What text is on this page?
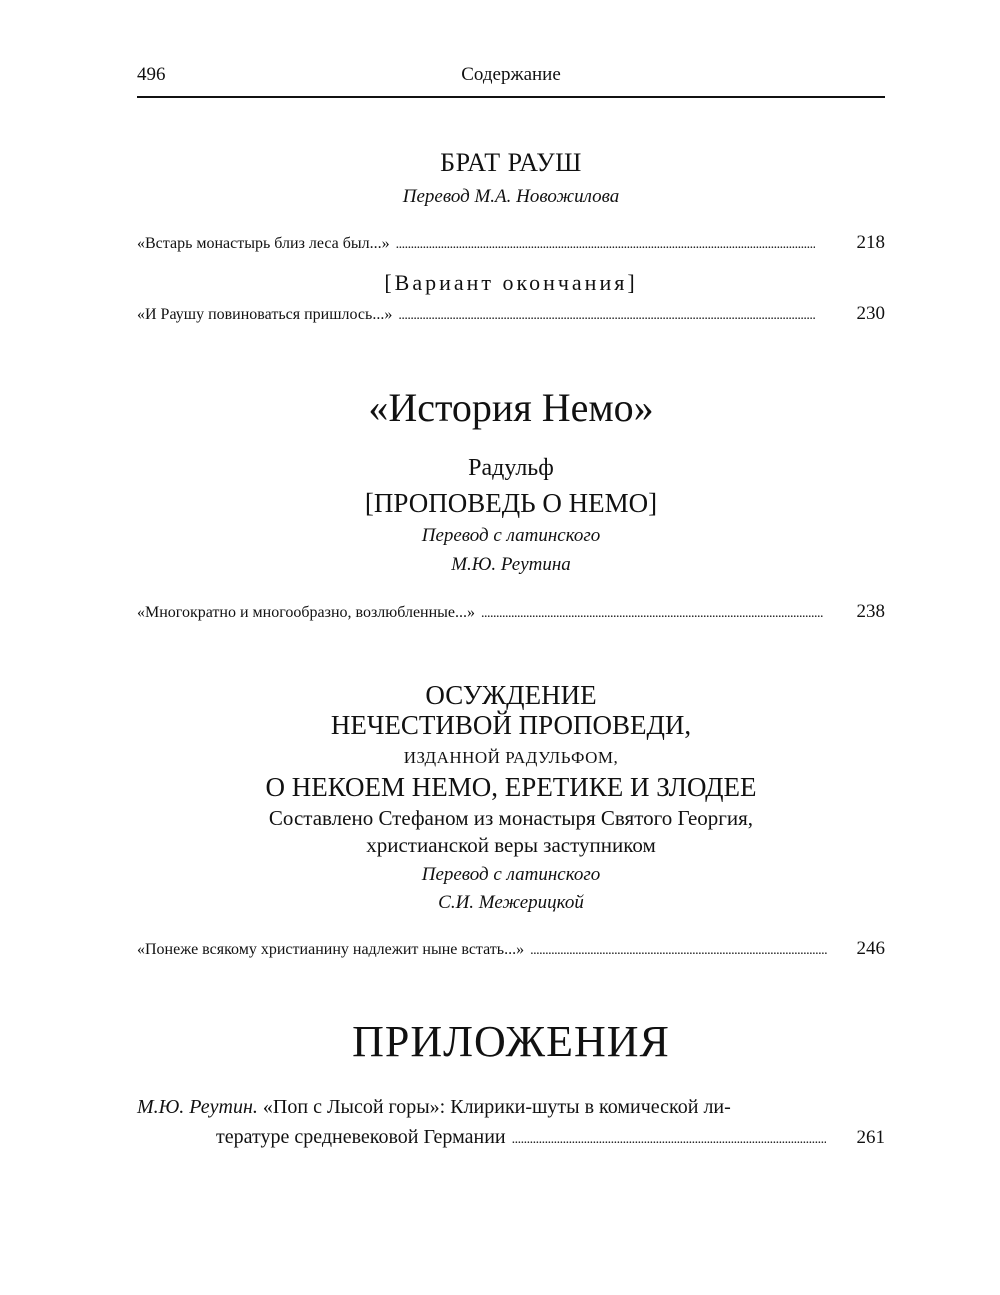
496	Содержание
БРАТ РАУШ
Перевод М.А. Новожилова
«Встарь монастырь близ леса был...» . . .	218
[Вариант окончания]
«И Раушу повиноваться пришлось...» . . .	230
«История Немо»
Радульф
[ПРОПОВЕДЬ О НЕМО]
Перевод с латинского
М.Ю. Реутина
«Многократно и многообразно, возлюбленные...» . . .	238
ОСУЖДЕНИЕ
НЕЧЕСТИВОЙ ПРОПОВЕДИ,
ИЗДАННОЙ РАДУЛЬФОМ,
О НЕКОЕМ НЕМО, ЕРЕТИКЕ И ЗЛОДЕЕ
Составлено Стефаном из монастыря Святого Георгия,
христианской веры заступником
Перевод с латинского
С.И. Межерицкой
«Понеже всякому христианину надлежит ныне встать...» . . .	246
ПРИЛОЖЕНИЯ
М.Ю. Реутин. «Поп с Лысой горы»: Клирики-шуты в комической ли-
тературе средневековой Германии . . .	261
